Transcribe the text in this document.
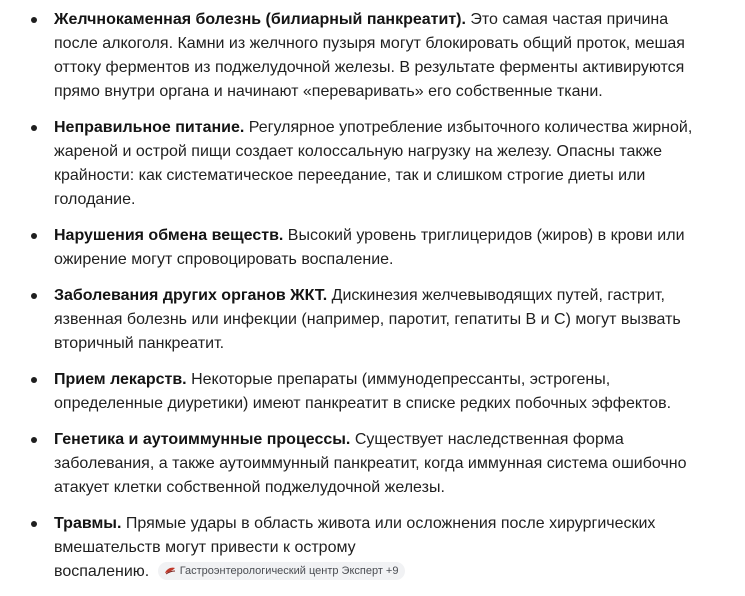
Желчнокаменная болезнь (билиарный панкреатит). Это самая частая причина после алкоголя. Камни из желчного пузыря могут блокировать общий проток, мешая оттоку ферментов из поджелудочной железы. В результате ферменты активируются прямо внутри органа и начинают «переваривать» его собственные ткани.
Неправильное питание. Регулярное употребление избыточного количества жирной, жареной и острой пищи создает колоссальную нагрузку на железу. Опасны также крайности: как систематическое переедание, так и слишком строгие диеты или голодание.
Нарушения обмена веществ. Высокий уровень триглицеридов (жиров) в крови или ожирение могут спровоцировать воспаление.
Заболевания других органов ЖКТ. Дискинезия желчевыводящих путей, гастрит, язвенная болезнь или инфекции (например, паротит, гепатиты В и С) могут вызвать вторичный панкреатит.
Прием лекарств. Некоторые препараты (иммунодепрессанты, эстрогены, определенные диуретики) имеют панкреатит в списке редких побочных эффектов.
Генетика и аутоиммунные процессы. Существует наследственная форма заболевания, а также аутоиммунный панкреатит, когда иммунная система ошибочно атакует клетки собственной поджелудочной железы.
Травмы. Прямые удары в область живота или осложнения после хирургических вмешательств могут привести к острому
воспалению.	Гастроэнтерологический центр Эксперт +9
